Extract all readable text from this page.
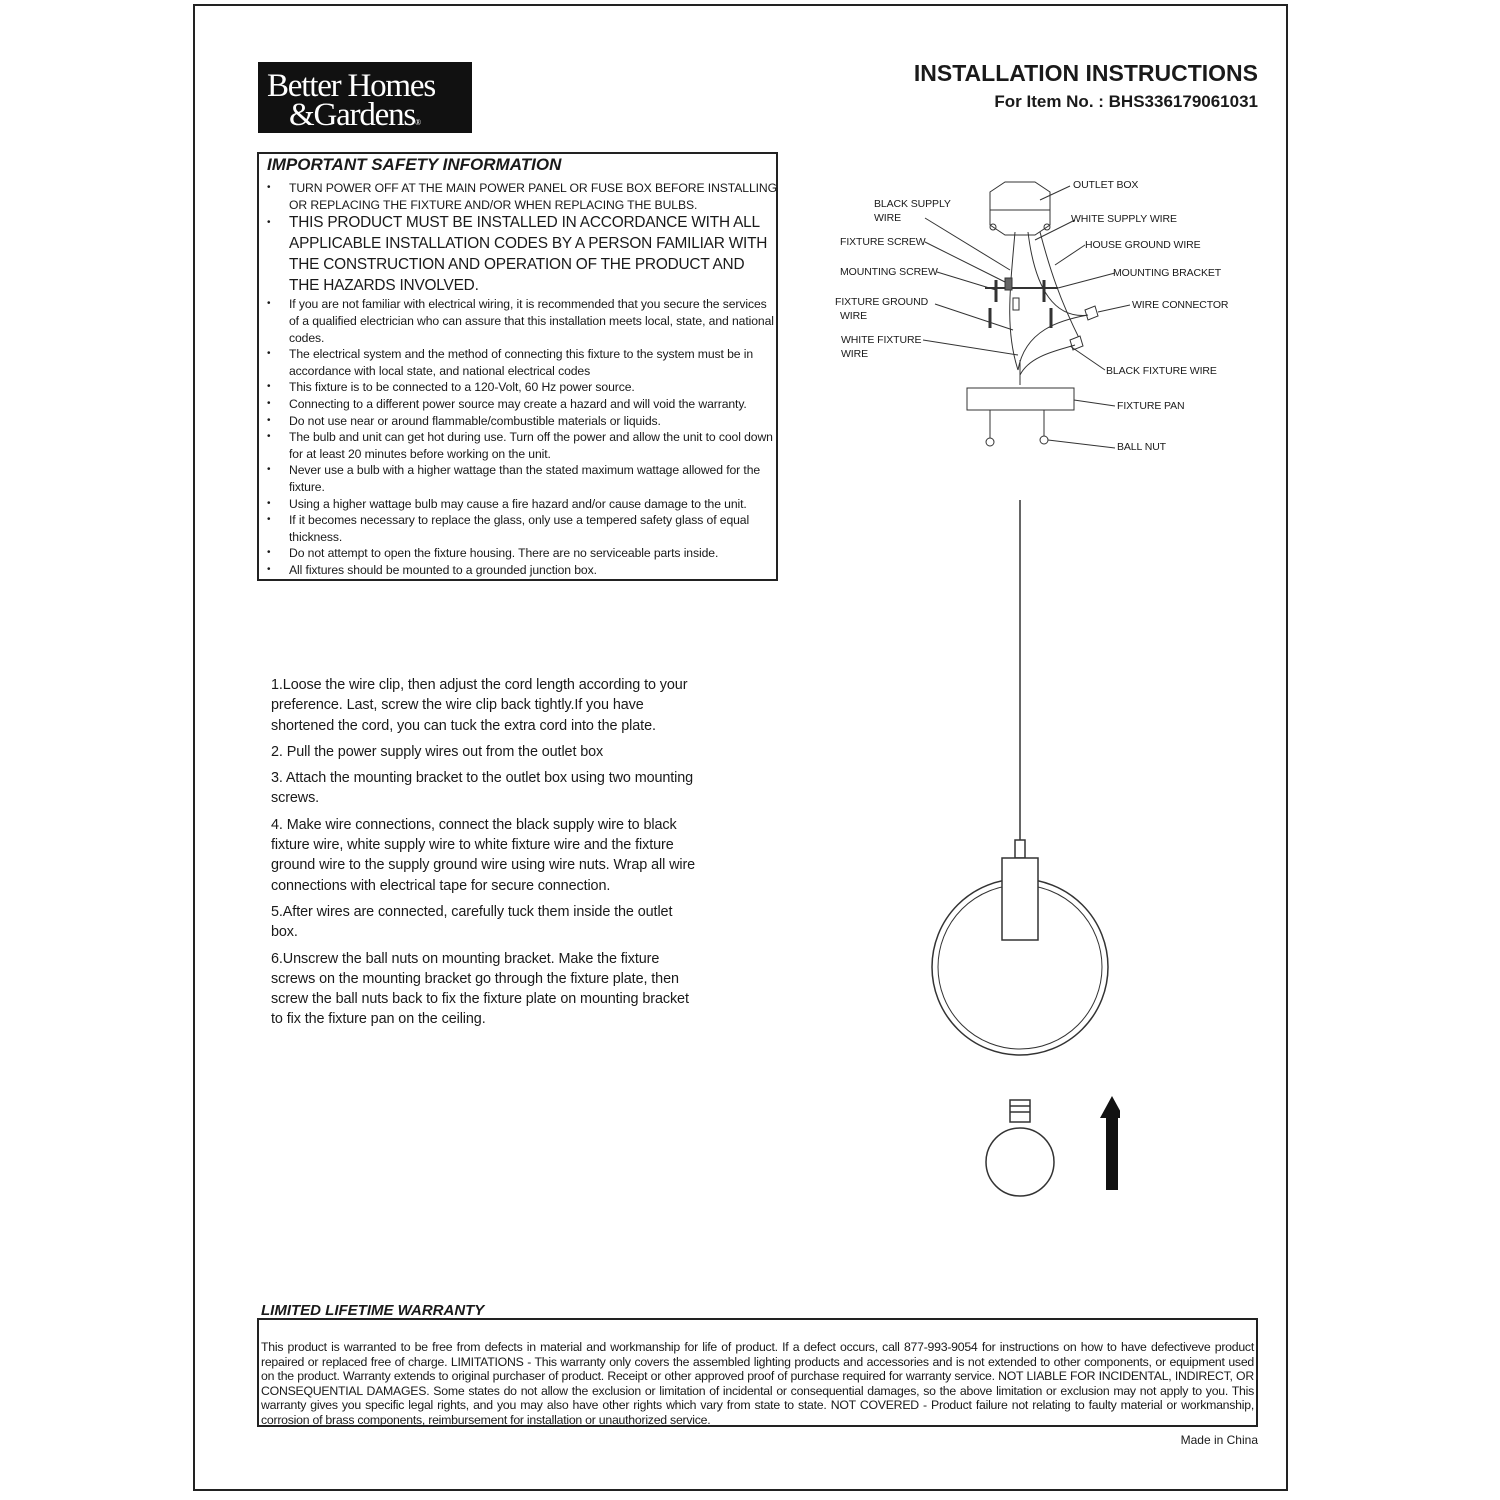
Better Homes
&Gardens®
INSTALLATION INSTRUCTIONS
For Item No. : BHS336179061031
IMPORTANT SAFETY INFORMATION
• TURN POWER OFF AT THE MAIN POWER PANEL OR FUSE BOX BEFORE INSTALLING OR REPLACING THE FIXTURE AND/OR WHEN REPLACING THE BULBS.
• THIS PRODUCT MUST BE INSTALLED IN ACCORDANCE WITH ALL APPLICABLE INSTALLATION CODES BY A PERSON FAMILIAR WITH THE CONSTRUCTION AND OPERATION OF THE PRODUCT AND THE HAZARDS INVOLVED.
• If you are not familiar with electrical wiring, it is recommended that you secure the services of a qualified electrician who can assure that this installation meets local, state, and national codes.
• The electrical system and the method of connecting this fixture to the system must be in accordance with local state, and national electrical codes
• This fixture is to be connected to a 120-Volt, 60 Hz power source.
• Connecting to a different power source may create a hazard and will void the warranty.
• Do not use near or around flammable/combustible materials or liquids.
• The bulb and unit can get hot during use. Turn off the power and allow the unit to cool down for at least 20 minutes before working on the unit.
• Never use a bulb with a higher wattage than the stated maximum wattage allowed for the fixture.
• Using a higher wattage bulb may cause a fire hazard and/or cause damage to the unit.
• If it becomes necessary to replace the glass, only use a tempered safety glass of equal thickness.
• Do not attempt to open the fixture housing. There are no serviceable parts inside.
• All fixtures should be mounted to a grounded junction box.
OUTLET BOX
BLACK SUPPLY
WIRE	WHITE SUPPLY WIRE
FIXTURE SCREW	HOUSE GROUND WIRE
MOUNTING SCREW	MOUNTING BRACKET
FIXTURE GROUND
WIRE
WIRE CONNECTOR
WHITE FIXTURE
WIRE
BLACK FIXTURE WIRE
FIXTURE PAN
BALL NUT

1.Loose the wire clip, then adjust the cord length according to your preference. Last, screw the wire clip back tightly.If you have shortened the cord, you can tuck the extra cord into the plate.

2. Pull the power supply wires out from the outlet box

3. Attach the mounting bracket to the outlet box using two mounting screws.

4. Make wire connections, connect the black supply wire to black fixture wire, white supply wire to white fixture wire and the fixture ground wire to the supply ground wire using wire nuts. Wrap all wire connections with electrical tape for secure connection.

5.After wires are connected, carefully tuck them inside the outlet box.

6.Unscrew the ball nuts on mounting bracket. Make the fixture screws on the mounting bracket go through the fixture plate, then screw the ball nuts back to fix the fixture plate on mounting bracket to fix the fixture pan on the ceiling.

LIMITED LIFETIME WARRANTY

This product is warranted to be free from defects in material and workmanship for life of product. If a defect occurs, call 877-993-9054 for instructions on how to have defectiveve product repaired or replaced free of charge. LIMITATIONS - This warranty only covers the assembled lighting products and accessories and is not extended to other components, or equipment used on the product. Warranty extends to original purchaser of product. Receipt or other approved proof of purchase required for warranty service. NOT LIABLE FOR INCIDENTAL, INDIRECT, OR CONSEQUENTIAL DAMAGES. Some states do not allow the exclusion or limitation of incidental or consequential damages, so the above limitation or exclusion may not apply to you. This warranty gives you specific legal rights, and you may also have other rights which vary from state to state. NOT COVERED - Product failure not relating to faulty material or workmanship, corrosion of brass components, reimbursement for installation or unauthorized service.

Made in China
